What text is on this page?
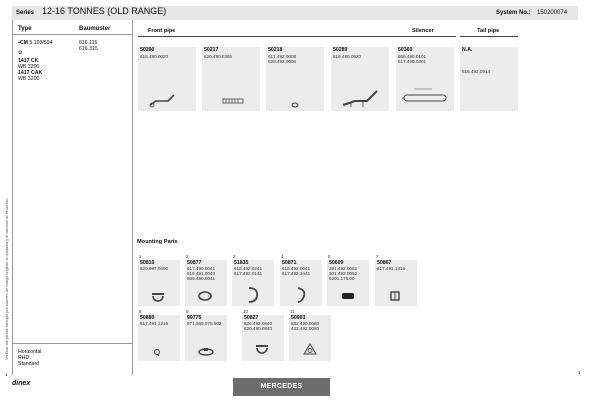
Series 12-16 TONNES (OLD RANGE)	System No.: 150200074
Verificar las piezas siempre por número de código original: la máquina y el carcasa de recambio
Type	Baumuster
▪CM 5.193/594
⚙
1417 CK
WB 3200
1417 CAK
WB 3200
616.115
616.315
Horizontal
RHD
Standard
Front pipe	Silencer	Tail pipe
50290
616.490.0020
50217
620.490.0365
50218
617.492.0008
628.492.0008
50289
616.490.0920
50360
869.490.0101
617.490.0301
N.A.
616.492.0914
Mounting Parts
1
50810
620.997.0490
2
50877
617.490.0041
616.491.0040
869.490.0041
3
51835
618.492.0241
617.492.0141
4
50871
616.492.0041
617.492.3441
5
50609
381.492.0082
301.492.0082
6201.175.00
7
50867
617.491.1316
8
50880
617.491.1216
9
99775
971.558.075.502
10
50827
626.492.0840
620.490.0840
11
50903
582.490.0080
442.492.0080
1	1
dinex	MERCEDES
